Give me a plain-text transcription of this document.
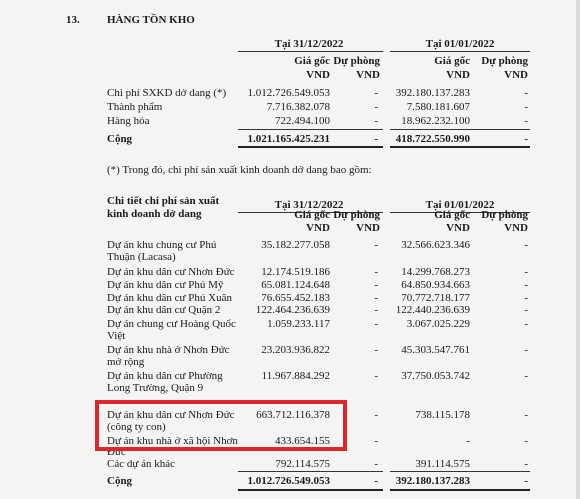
13. HÀNG TỒN KHO
Tại 31/12/2022	Tại 01/01/2022
Giá gốc Dự phòng	Giá gốc	Dự phòng
VND	VND	VND	VND
Chi phí SXKD dở dang (*)	1.012.726.549.053	-	392.180.137.283	-
Thành phẩm	7.716.382.078	-	7.580.181.607	-
Hàng hóa	722.494.100	-	18.962.232.100	-
Cộng	1.021.165.425.231	-	418.722.550.990	-
(*) Trong đó, chi phí sản xuất kinh doanh dở dang bao gồm:
Chi tiết chi phí sản xuất
kinh doanh dở dang
Tại 31/12/2022	Tại 01/01/2022
Giá gốc Dự phòng	Giá gốc	Dự phòng
VND	VND	VND	VND
Dự án khu chung cư Phú
Thuận (Lacasa)
35.182.277.058	-	32.566.623.346	-
Dự án khu dân cư Nhơn Đức	12.174.519.186	-	14.299.768.273	-
Dự án khu dân cư Phú Mỹ	65.081.124.648	-	64.850.934.663	-
Dự án khu dân cư Phú Xuân	76.655.452.183	-	70.772.718.177	-
Dự án khu dân cư Quận 2	122.464.236.639	-	122.440.236.639	-
Dự án chung cư Hoàng Quốc
Việt
1.059.233.117	-	3.067.025.229	-
Dự án khu nhà ở Nhơn Đức
mở rộng
23.203.936.822	-	45.303.547.761	-
Dự án khu dân cư Phường
Long Trường, Quận 9
11.967.884.292	-	37.750.053.742	-
Dự án khu dân cư Nhơn Đức
(công ty con)
663.712.116.378	-	738.115.178	-
Dự án khu nhà ở xã hội Nhơn
Đức
433.654.155	-	-	-
Các dự án khác	792.114.575	-	391.114.575	-
Cộng	1.012.726.549.053	-	392.180.137.283	-
